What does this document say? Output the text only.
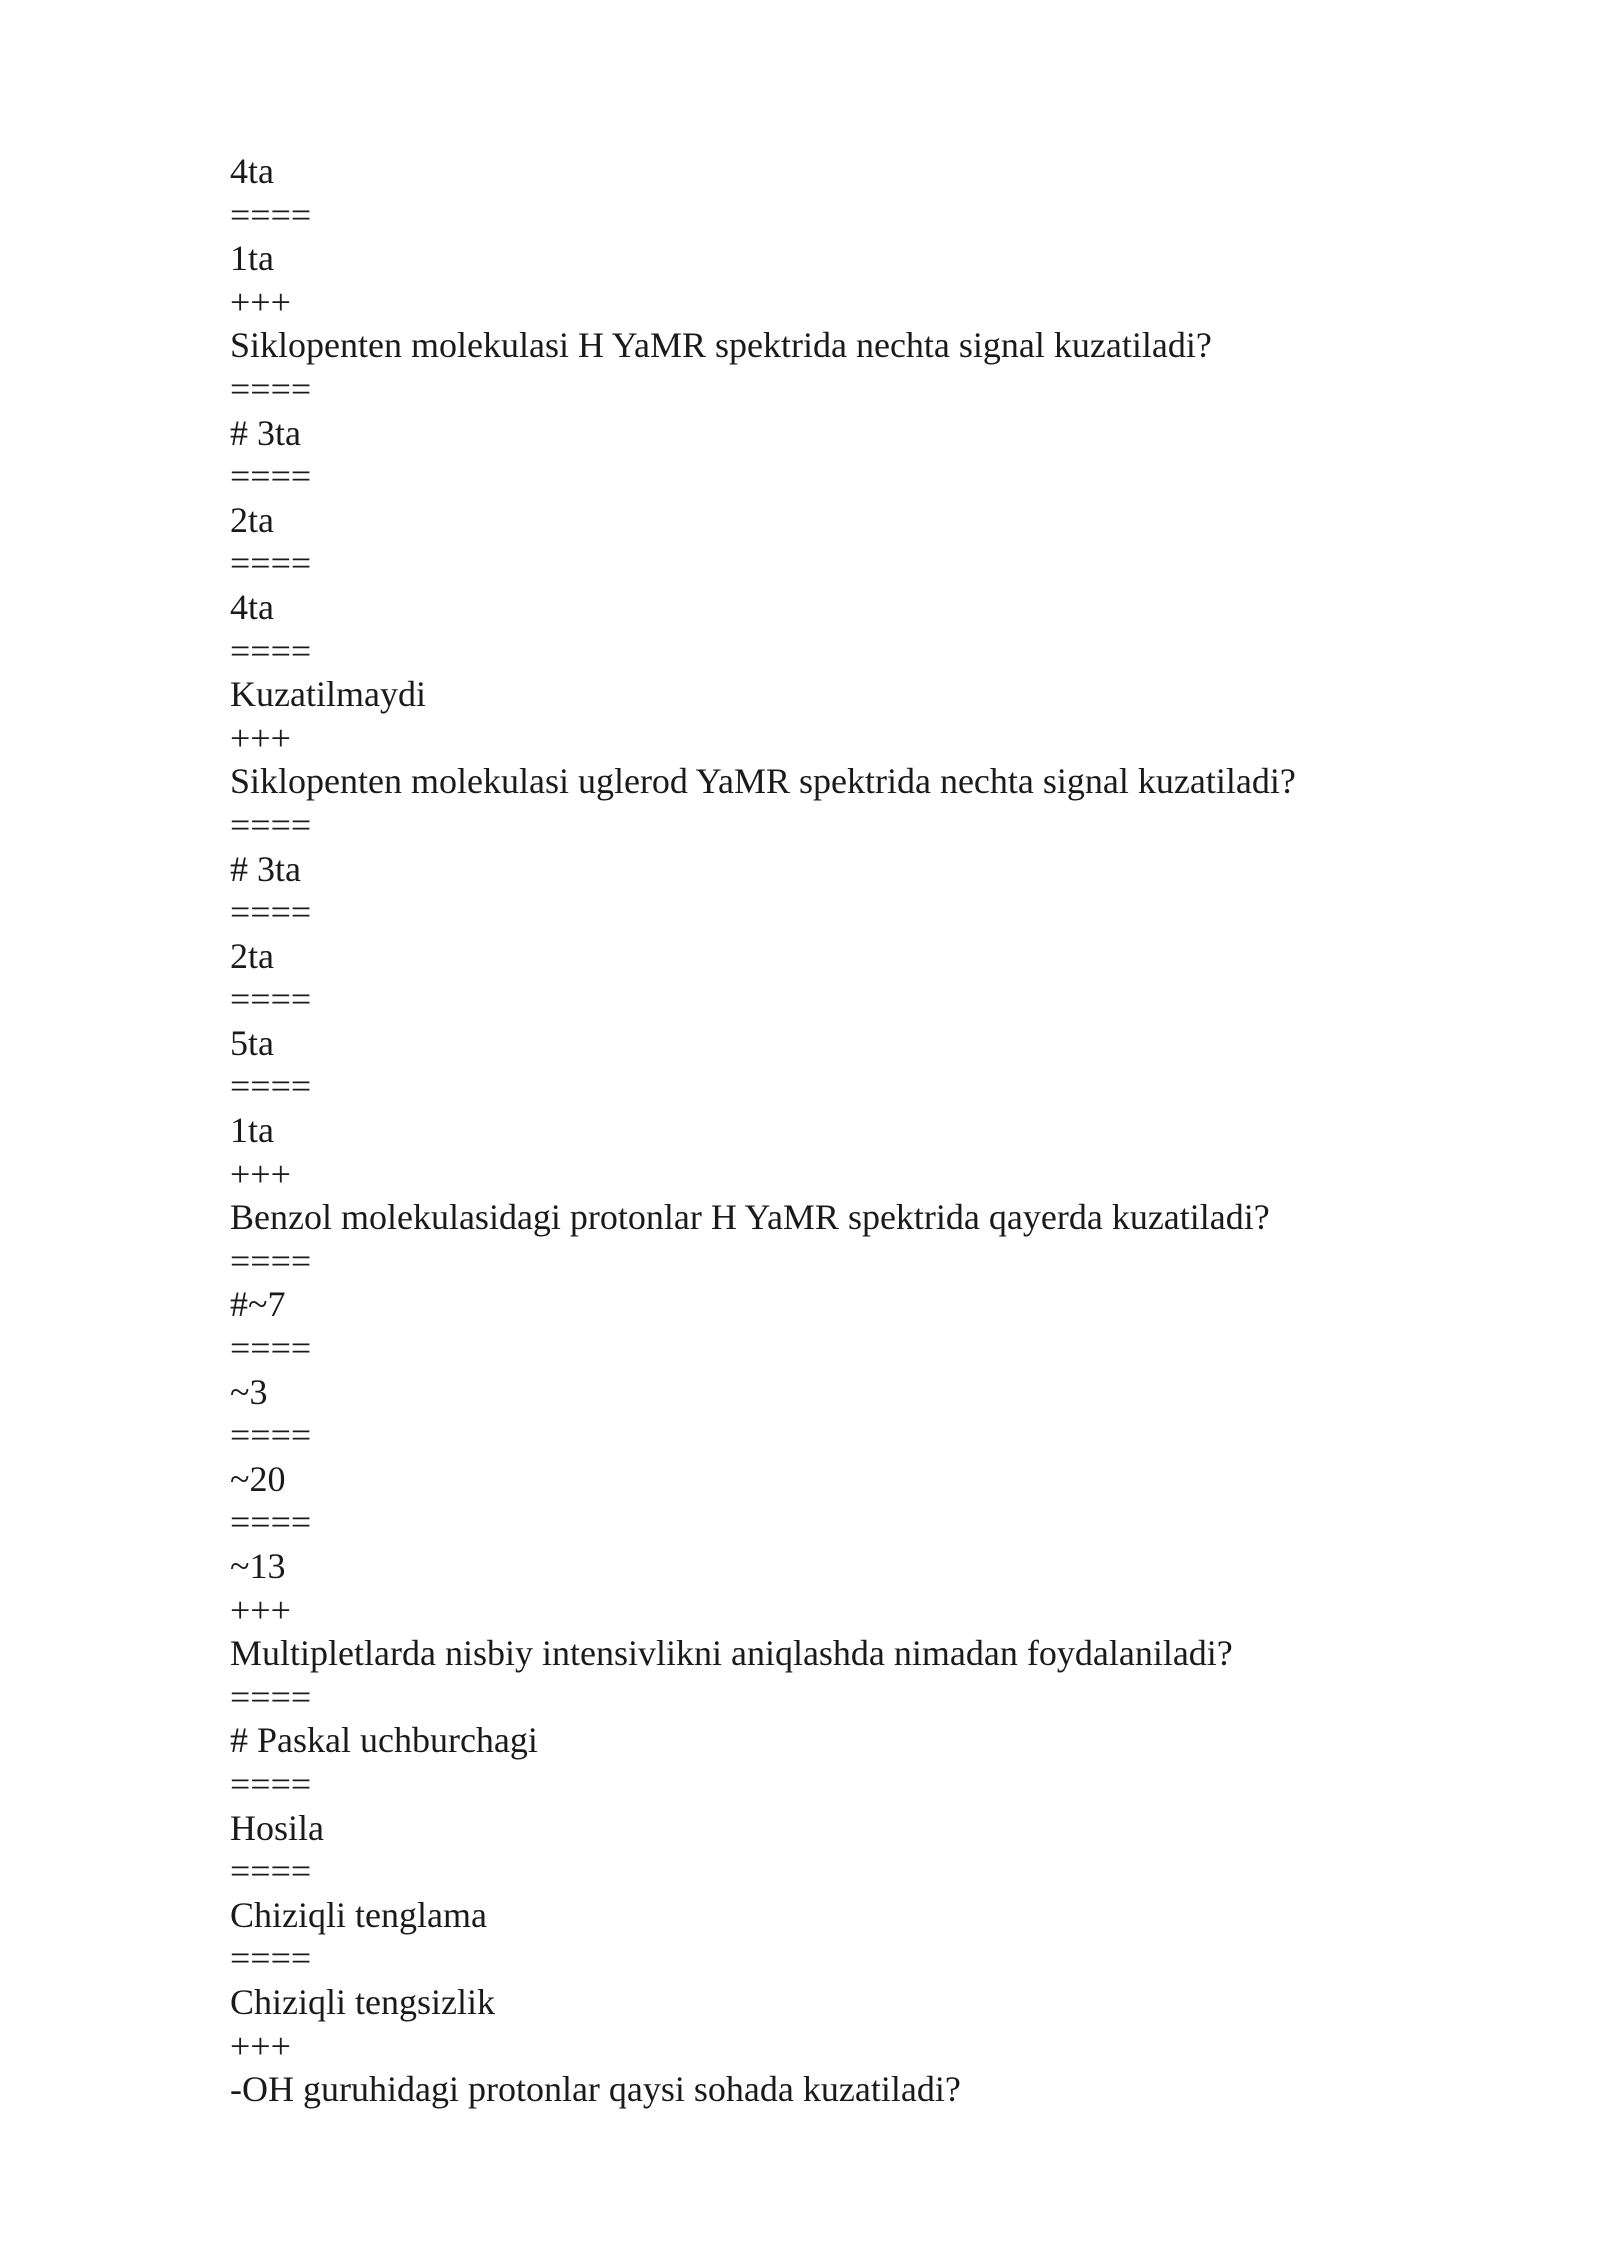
4ta
====
1ta
+++
Siklopenten molekulasi H YaMR spektrida nechta signal kuzatiladi?
====
# 3ta
====
2ta
====
4ta
====
Kuzatilmaydi
+++
Siklopenten molekulasi uglerod YaMR spektrida nechta signal kuzatiladi?
====
# 3ta
====
2ta
====
5ta
====
1ta
+++
Benzol molekulasidagi protonlar H YaMR spektrida qayerda kuzatiladi?
====
#~7
====
~3
====
~20
====
~13
+++
Multipletlarda nisbiy intensivlikni aniqlashda nimadan foydalaniladi?
====
# Paskal uchburchagi
====
Hosila
====
Chiziqli tenglama
====
Chiziqli tengsizlik
+++
-OH guruhidagi protonlar qaysi sohada kuzatiladi?
